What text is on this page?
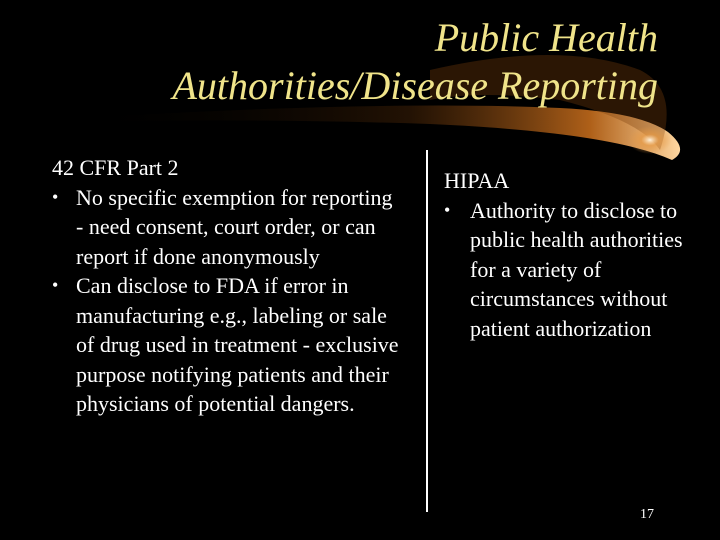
Public Health
Authorities/Disease Reporting
42 CFR Part 2
• No specific exemption for reporting - need consent, court order, or can report if done anonymously
• Can disclose to FDA if error in manufacturing e.g., labeling or sale of drug used in treatment - exclusive purpose notifying patients and their physicians of potential dangers.
HIPAA
• Authority to disclose to public health authorities for a variety of circumstances without patient authorization
17
